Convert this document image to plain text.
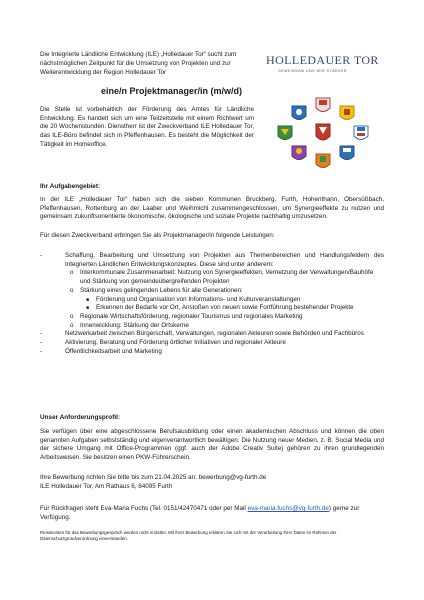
Die Integrierte Ländliche Entwicklung (ILE) „Holledauer Tor“ sucht zum nächstmöglichen Zeitpunkt für die Umsetzung von Projekten und zur Weiterentwicklung der Region Holledauer Tor
HOLLEDAUER TOR
GEMEINSAM UNS WIR STÄRKER
eine/n Projektmanager/in (m/w/d)
Die Stelle ist vorbehaltlich der Förderung des Amtes für Ländliche Entwicklung. Es handelt sich um eine Teilzeitstelle mit einem Richtwert um die 20 Wochenstunden. Dienstherr ist der Zweckverband ILE Holledauer Tor, das ILE-Büro befindet sich in Pfeffenhausen. Es besteht die Möglichkeit der Tätigkeit im Homeoffice.
Ihr Aufgabengebiet:
In der ILE „Holledauer Tor“ haben sich die sieben Kommunen Bruckberg, Furth, Hohenthann, Obersüßbach, Pfeffenhausen, Rottenburg an der Laaber und Weihmichl zusammengeschlossen, um Synergieeffekte zu nutzen und gemeinsam zukunftsorientierte ökonomische, ökologische und soziale Projekte nachhaltig umzusetzen.
Für diesen Zweckverband erbringen Sie als Projektmanager/in folgende Leistungen:
-	Schaffung, Bearbeitung und Umsetzung von Projekten aus Themenbereichen und Handlungsfeldern des Integrierten Ländlichen Entwicklungskonzeptes. Diese sind unter anderem:
o Interkommunale Zusammenarbeit: Nutzung von Synergieeffekten, Vernetzung der Verwaltungen/Bauhöfe und Stärkung von gemeindeübergreifenden Projekten
o Stärkung eines gelingenden Lebens für alle Generationen:
■ Förderung und Organisation von Informations- und Kulturveranstaltungen
■ Erkennen der Bedarfe vor Ort, Anstoßen von neuen sowie Fortführung bestehender Projekte
o Regionale Wirtschaftsförderung, regionaler Tourismus und regionales Marketing
o Innenwicklung: Stärkung der Ortskerne
-	Netzwerkarbeit zwischen Bürgerschaft, Verwaltungen, regionalen Akteuren sowie Behörden und Fachbüros
-	Aktivierung, Beratung und Förderung örtlicher Initiativen und regionaler Akteure
-	Öffentlichkeitsarbeit und Marketing
Unser Anforderungsprofil:
Sie verfügen über eine abgeschlossene Berufsausbildung oder einen akademischen Abschluss und können die oben genannten Aufgaben selbstständig und eigenverantwortlich bewältigen. Die Nutzung neuer Medien, z. B. Social Media und der sichere Umgang mit Office-Programmen (ggf. auch der Adobe Creativ Suite) gehören zu ihren grundlegenden Arbeitsweisen. Sie besitzen einen PKW-Führerschein.
Ihre Bewerbung richten Sie bitte bis zum 21.04.2025 an: bewerbung@vg-furth.de
ILE Holledauer Tor, Am Rathaus 6, 84095 Furth
Für Rückfragen steht Eva-Maria Fuchs (Tel. 0151/42470471 oder per Mail eva-maria.fuchs@vg-furth.de) gerne zur Verfügung.
Reisekosten für das Bewerbungsgespräch werden nicht erstattet. Mit Ihrer Bewerbung erklären Sie sich mit der Verarbeitung Ihrer Daten im Rahmen der Datenschutzgrundverordnung einverstanden.
